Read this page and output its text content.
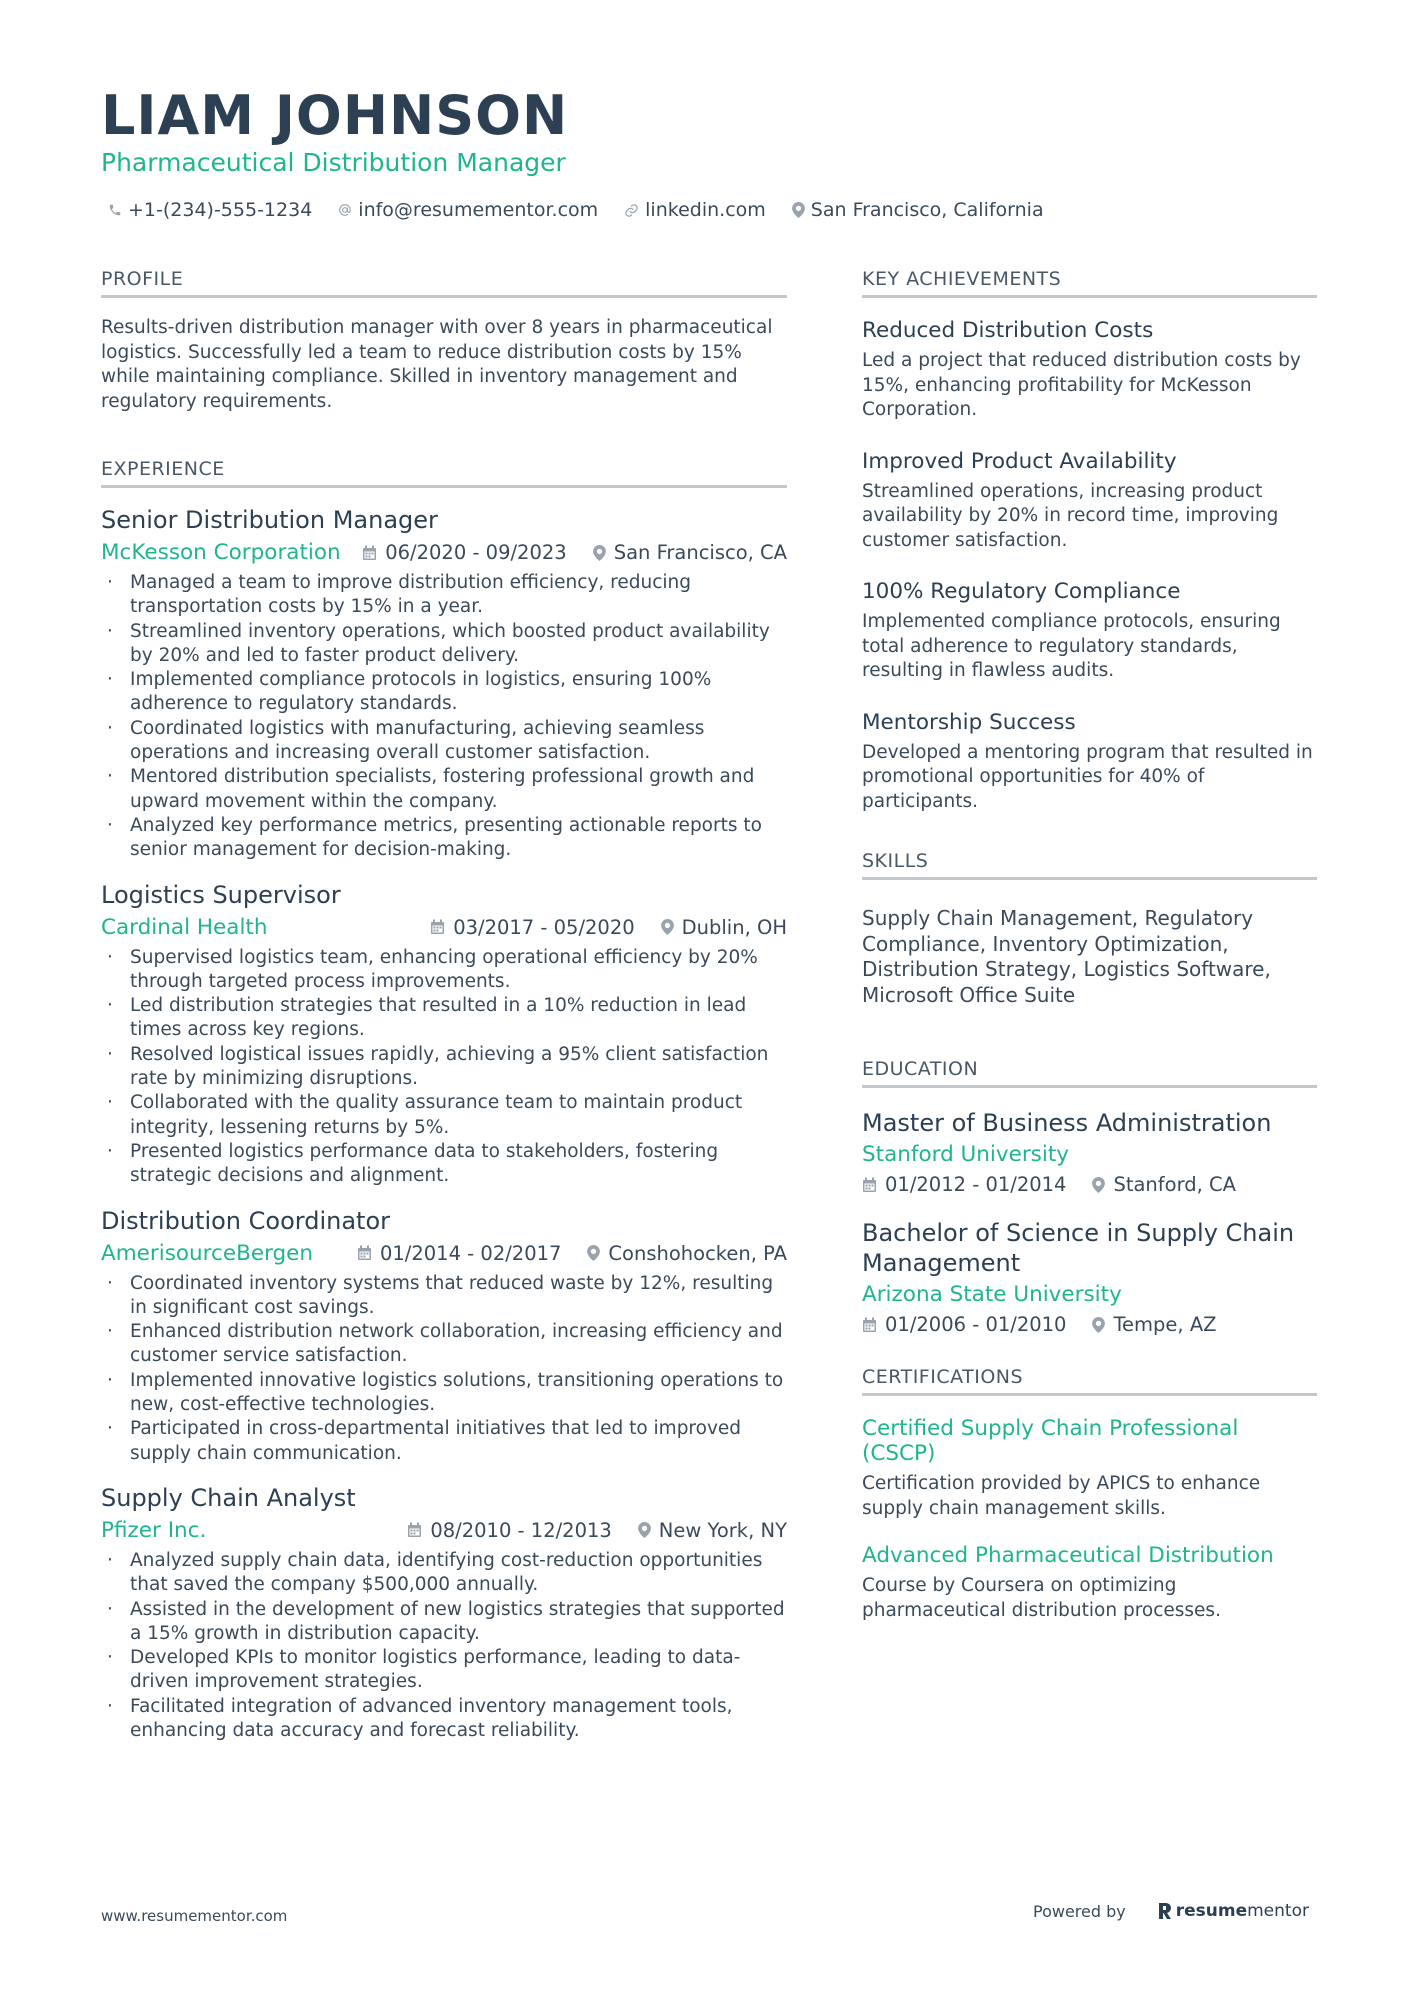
LIAM JOHNSON
Pharmaceutical Distribution Manager
+1-(234)-555-1234 info@resumementor.com linkedin.com San Francisco, California
PROFILE
Results-driven distribution manager with over 8 years in pharmaceutical logistics. Successfully led a team to reduce distribution costs by 15% while maintaining compliance. Skilled in inventory management and regulatory requirements.
EXPERIENCE
Senior Distribution Manager
McKesson Corporation	06/2020 - 09/2023 San Francisco, CA
· Managed a team to improve distribution efficiency, reducing transportation costs by 15% in a year.
· Streamlined inventory operations, which boosted product availability by 20% and led to faster product delivery.
· Implemented compliance protocols in logistics, ensuring 100% adherence to regulatory standards.
· Coordinated logistics with manufacturing, achieving seamless operations and increasing overall customer satisfaction.
· Mentored distribution specialists, fostering professional growth and upward movement within the company.
· Analyzed key performance metrics, presenting actionable reports to senior management for decision-making.
Logistics Supervisor
Cardinal Health	03/2017 - 05/2020 Dublin, OH
· Supervised logistics team, enhancing operational efficiency by 20% through targeted process improvements.
· Led distribution strategies that resulted in a 10% reduction in lead times across key regions.
· Resolved logistical issues rapidly, achieving a 95% client satisfaction rate by minimizing disruptions.
· Collaborated with the quality assurance team to maintain product integrity, lessening returns by 5%.
· Presented logistics performance data to stakeholders, fostering strategic decisions and alignment.
Distribution Coordinator
AmerisourceBergen	01/2014 - 02/2017 Conshohocken, PA
· Coordinated inventory systems that reduced waste by 12%, resulting in significant cost savings.
· Enhanced distribution network collaboration, increasing efficiency and customer service satisfaction.
· Implemented innovative logistics solutions, transitioning operations to new, cost-effective technologies.
· Participated in cross-departmental initiatives that led to improved supply chain communication.
Supply Chain Analyst
Pfizer Inc.	08/2010 - 12/2013 New York, NY
· Analyzed supply chain data, identifying cost-reduction opportunities that saved the company $500,000 annually.
· Assisted in the development of new logistics strategies that supported a 15% growth in distribution capacity.
· Developed KPIs to monitor logistics performance, leading to data-driven improvement strategies.
· Facilitated integration of advanced inventory management tools, enhancing data accuracy and forecast reliability.
KEY ACHIEVEMENTS
Reduced Distribution Costs
Led a project that reduced distribution costs by 15%, enhancing profitability for McKesson Corporation.
Improved Product Availability
Streamlined operations, increasing product availability by 20% in record time, improving customer satisfaction.
100% Regulatory Compliance
Implemented compliance protocols, ensuring total adherence to regulatory standards, resulting in flawless audits.
Mentorship Success
Developed a mentoring program that resulted in promotional opportunities for 40% of participants.
SKILLS
Supply Chain Management, Regulatory Compliance, Inventory Optimization, Distribution Strategy, Logistics Software, Microsoft Office Suite
EDUCATION
Master of Business Administration
Stanford University
01/2012 - 01/2014 Stanford, CA
Bachelor of Science in Supply Chain Management
Arizona State University
01/2006 - 01/2010 Tempe, AZ
CERTIFICATIONS
Certified Supply Chain Professional (CSCP)
Certification provided by APICS to enhance supply chain management skills.
Advanced Pharmaceutical Distribution
Course by Coursera on optimizing pharmaceutical distribution processes.
www.resumementor.com	Powered by	resume mentor
